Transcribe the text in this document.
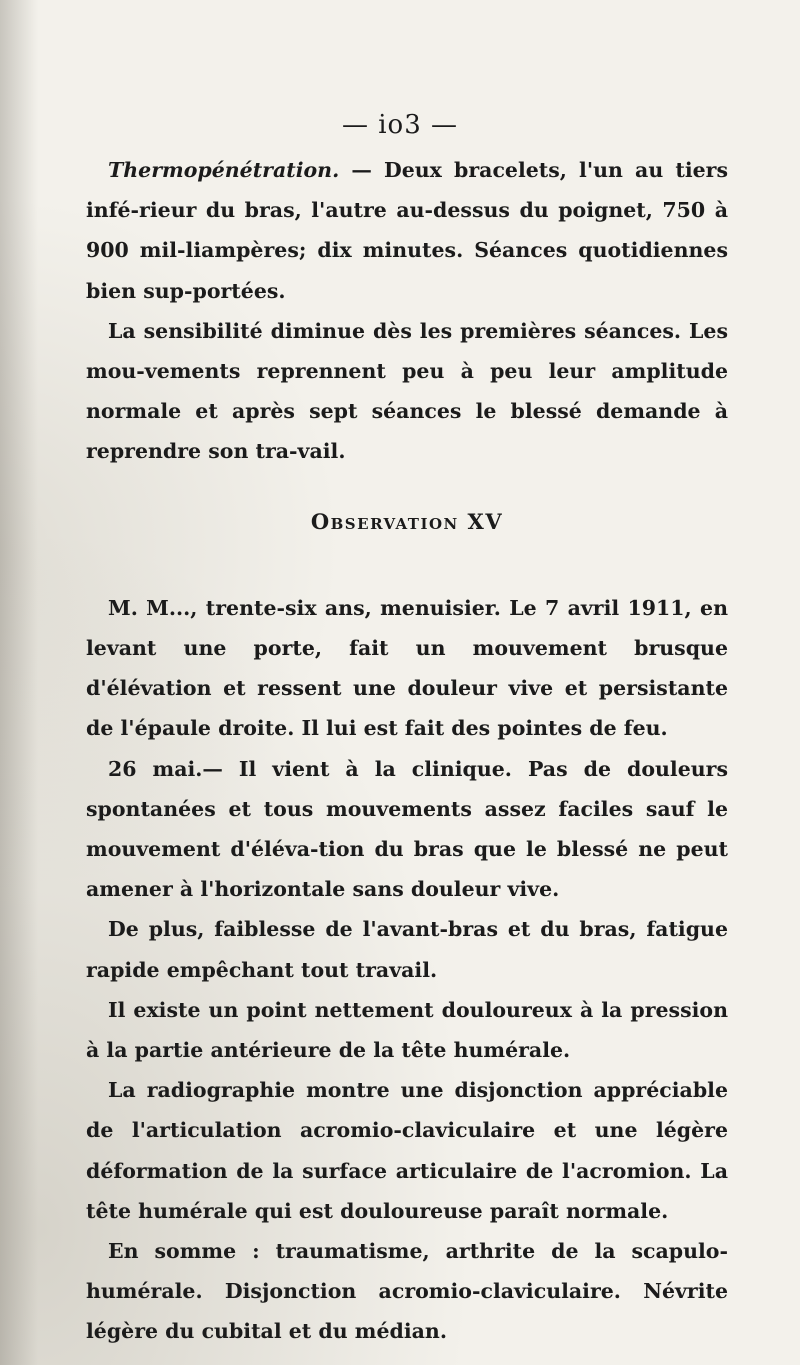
— io3 —

Thermopénétration. — Deux bracelets, l'un au tiers infé-rieur du bras, l'autre au-dessus du poignet, 750 à 900 mil-liampères; dix minutes. Séances quotidiennes bien sup-portées.

La sensibilité diminue dès les premières séances. Les mou-vements reprennent peu à peu leur amplitude normale et après sept séances le blessé demande à reprendre son tra-vail.

Observation XV

M. M..., trente-six ans, menuisier. Le 7 avril 1911, en levant une porte, fait un mouvement brusque d'élévation et ressent une douleur vive et persistante de l'épaule droite. Il lui est fait des pointes de feu.

26 mai.— Il vient à la clinique. Pas de douleurs spontanées et tous mouvements assez faciles sauf le mouvement d'éléva-tion du bras que le blessé ne peut amener à l'horizontale sans douleur vive.

De plus, faiblesse de l'avant-bras et du bras, fatigue rapide empêchant tout travail.

Il existe un point nettement douloureux à la pression à la partie antérieure de la tête humérale.

La radiographie montre une disjonction appréciable de l'articulation acromio-claviculaire et une légère déformation de la surface articulaire de l'acromion. La tête humérale qui est douloureuse paraît normale.

En somme : traumatisme, arthrite de la scapulo-humérale. Disjonction acromio-claviculaire. Névrite légère du cubital et du médian.
